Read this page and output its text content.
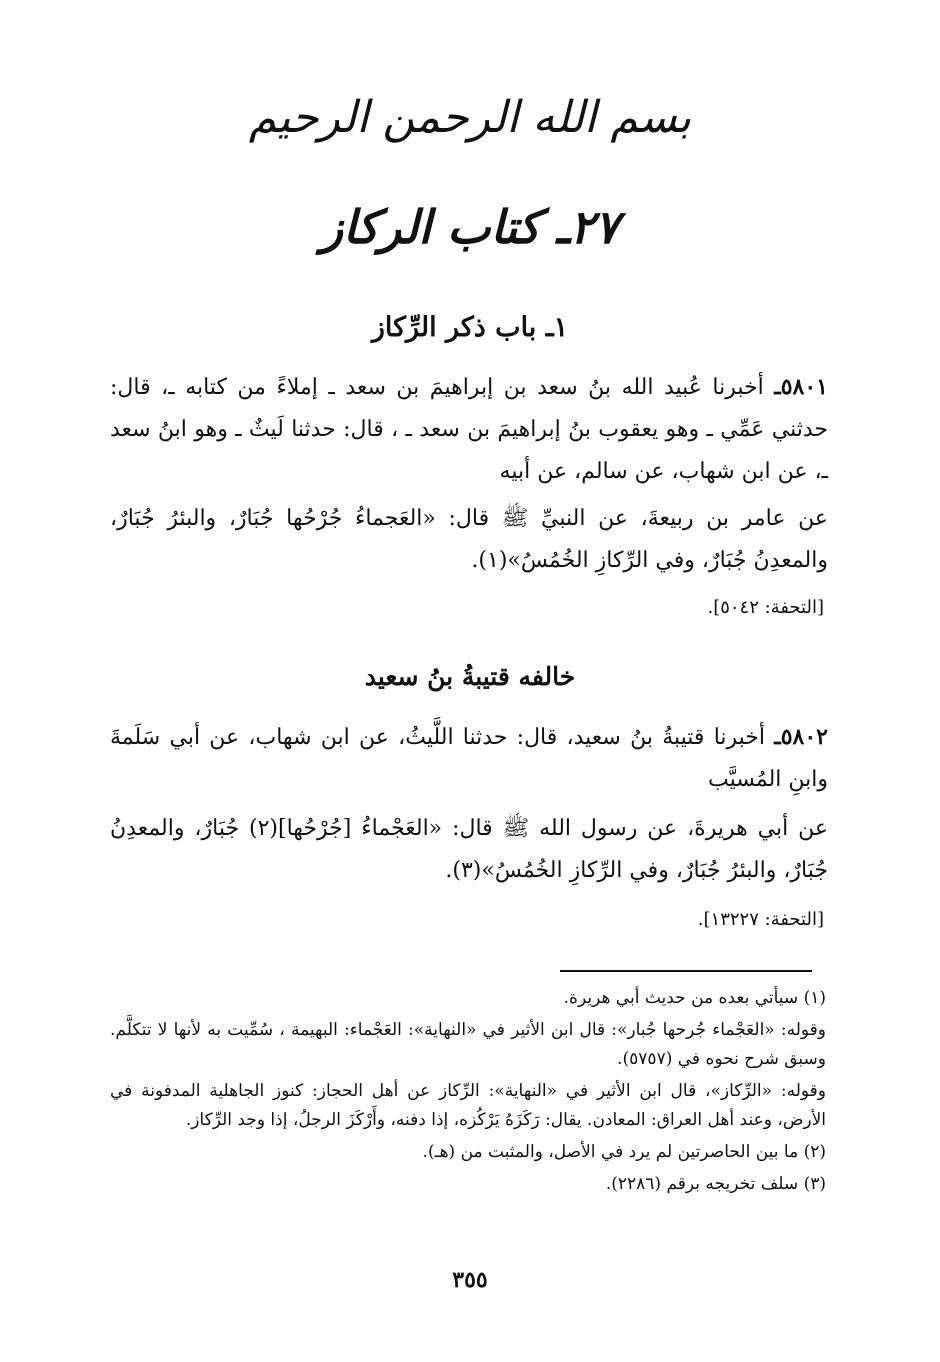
بسم الله الرحمن الرحيم
٢٧ـ كتاب الركاز
١ـ باب ذكر الرِّكاز
٥٨٠١ـ أخبرنا عُبيد الله بنُ سعد بن إبراهيمَ بن سعد ـ إملاءً من كتابه ـ، قال: حدثني عَمِّي ـ وهو يعقوب بنُ إبراهيمَ بن سعد ـ ، قال: حدثنا لَيثٌ ـ وهو ابنُ سعد ـ، عن ابن شهاب، عن سالم، عن أبيه
عن عامر بن ربيعةَ، عن النبيِّ ﷺ قال: «العَجماءُ جُرْحُها جُبَارٌ، والبئرُ جُبَارٌ، والمعدِنُ جُبَارٌ، وفي الرِّكازِ الخُمُسُ»(١).
[التحفة: ٥٠٤٢].
خالفه قتيبةُ بنُ سعيد
٥٨٠٢ـ أخبرنا قتيبةُ بنُ سعيد، قال: حدثنا اللَّيثُ، عن ابن شهاب، عن أبي سَلَمةَ وابنِ المُسيَّب
عن أبي هريرةَ، عن رسول الله ﷺ قال: «العَجْماءُ [جُرْحُها](٢) جُبَارٌ، والمعدِنُ جُبَارٌ، والبئرُ جُبَارٌ، وفي الرِّكازِ الخُمُسُ»(٣).
[التحفة: ١٣٢٢٧].
(١) سيأتي بعده من حديث أبي هريرة.
وقوله: «العَجْماء جُرحها جُبار»: قال ابن الأثير في «النهاية»: العَجْماء: البهيمة ، سُمِّيت به لأنها لا تتكلَّم. وسبق شرح نحوه في (٥٧٥٧).
وقوله: «الرِّكاز»، قال ابن الأثير في «النهاية»: الرِّكاز عن أهل الحجاز: كنوز الجاهلية المدفونة في الأرض، وعند أهل العراق: المعادن. يقال: رَكَزَهُ يَرْكُزه، إذا دفنه، وأَرْكَزَ الرجلُ، إذا وجد الرِّكاز.
(٢) ما بين الحاصرتين لم يرد في الأصل، والمثبت من (هـ).
(٣) سلف تخريجه برقم (٢٢٨٦).
٣٥٥
